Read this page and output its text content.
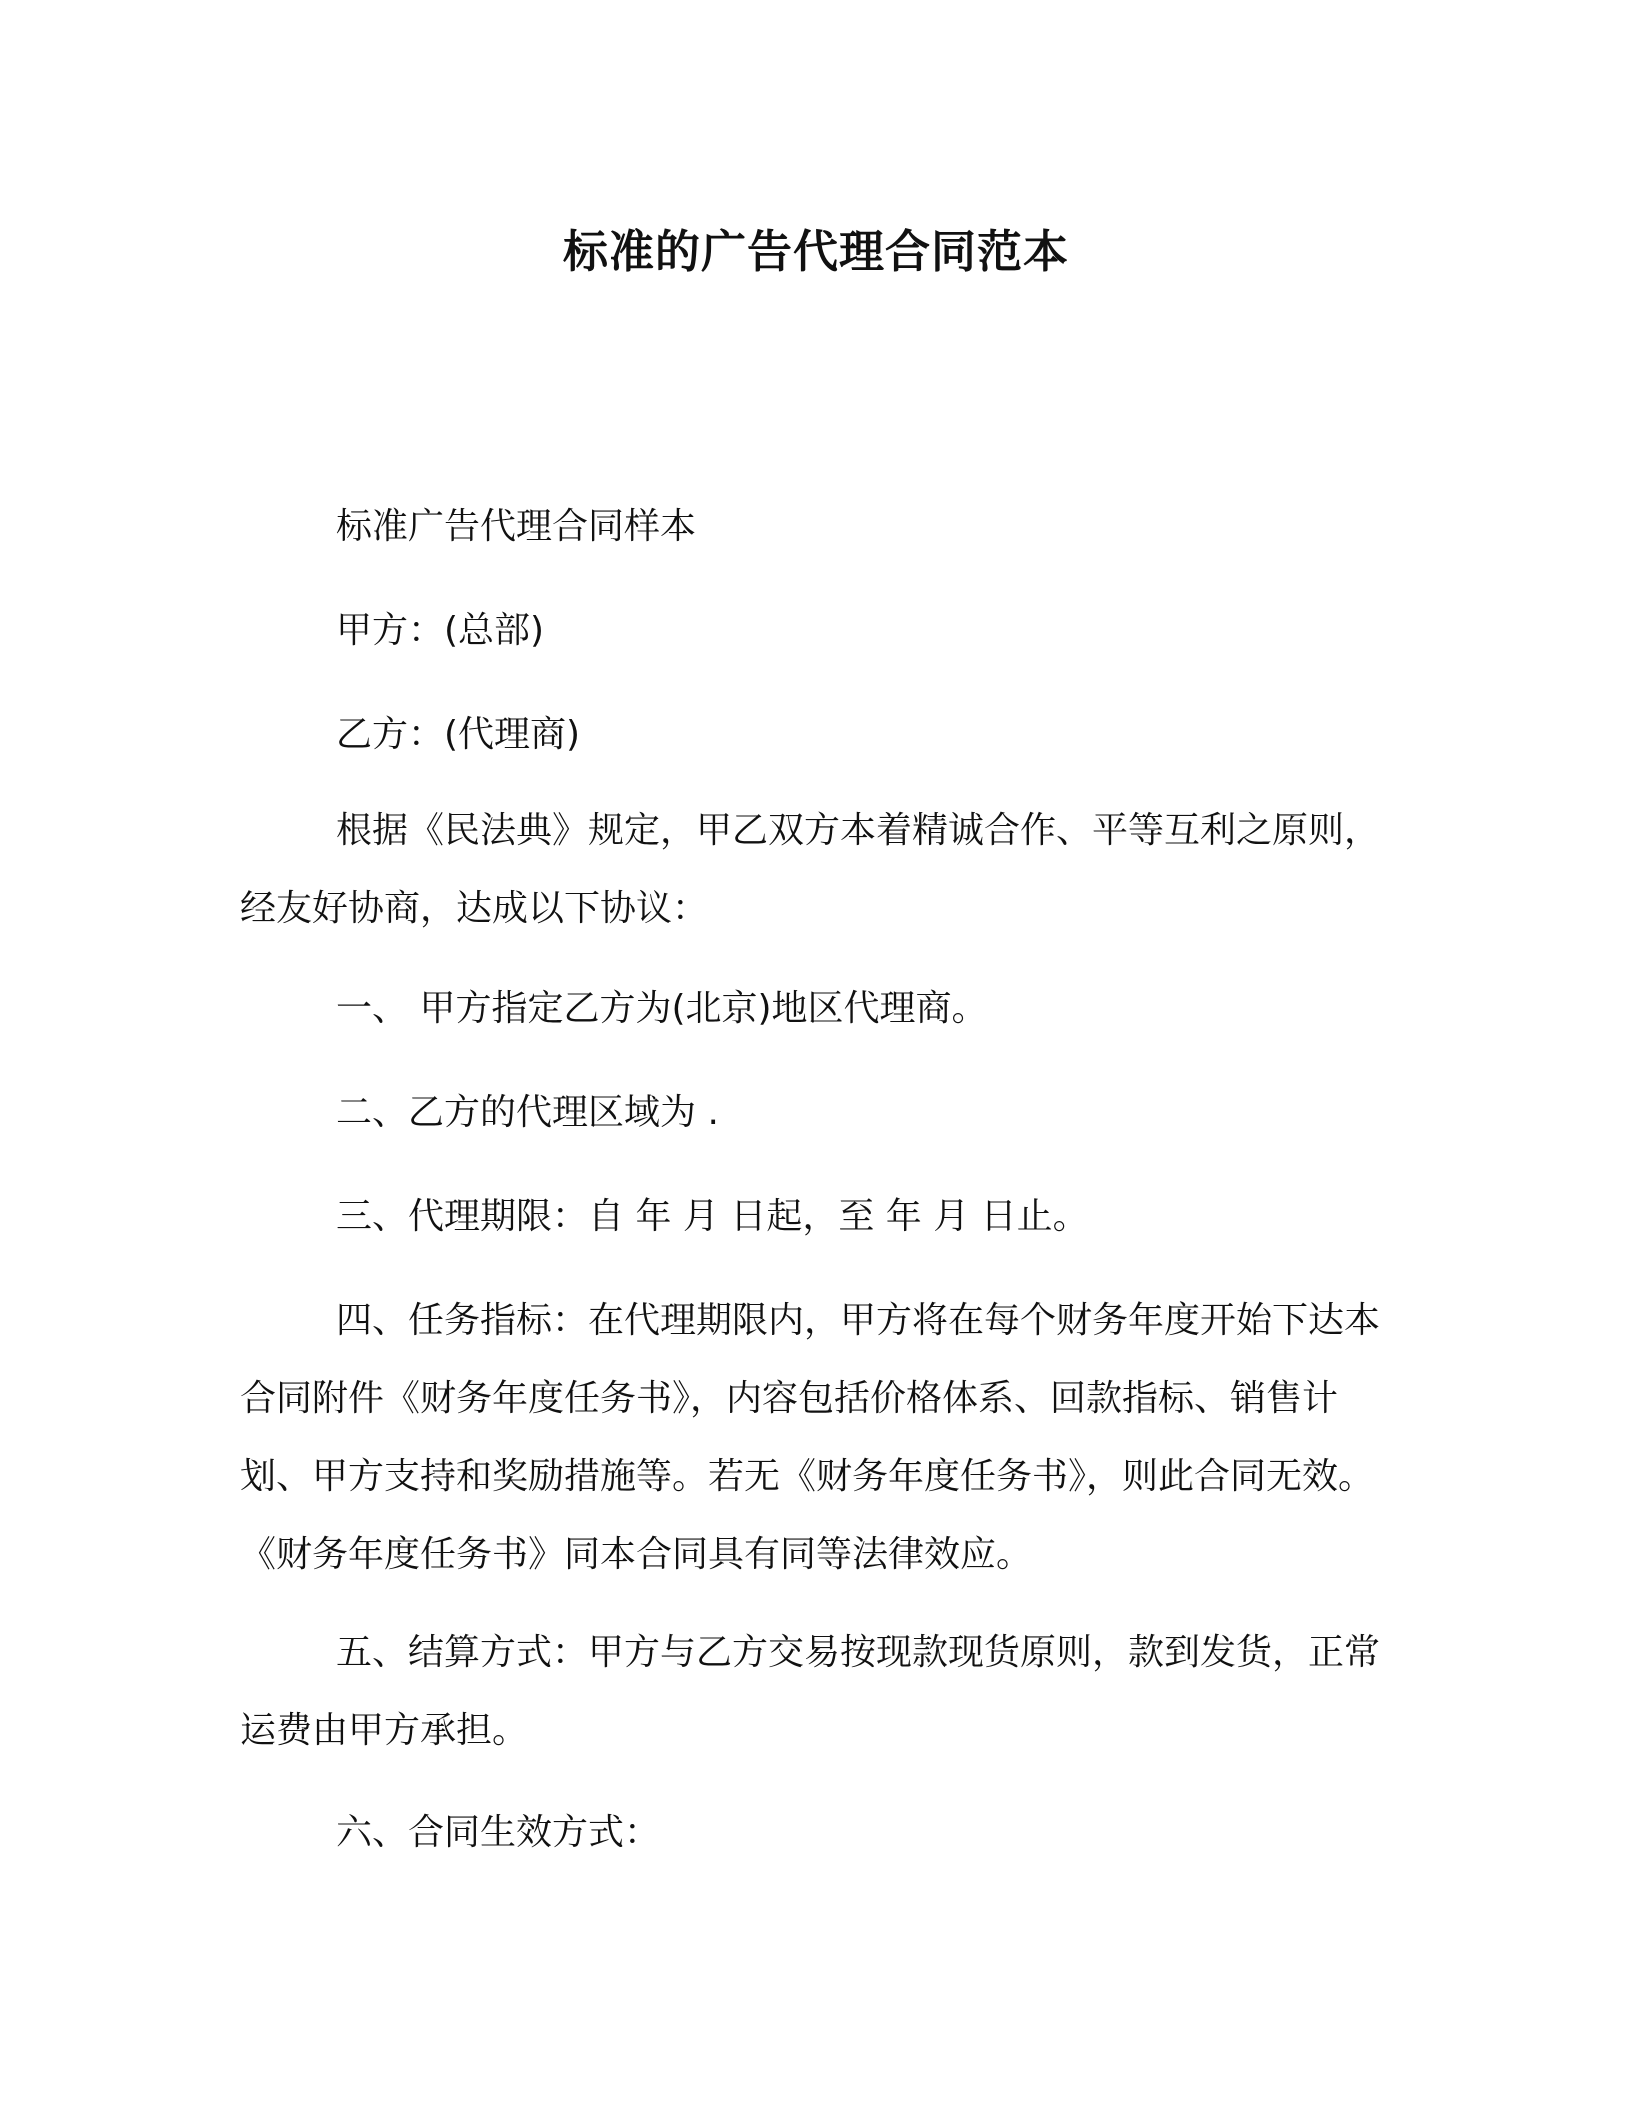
标准的广告代理合同范本

标准广告代理合同样本

甲方：(总部)

乙方：(代理商)

根据《民法典》规定，甲乙双方本着精诚合作、平等互利之原则，经友好协商，达成以下协议：

一、 甲方指定乙方为(北京)地区代理商。

二、乙方的代理区域为 .

三、代理期限：自 年 月 日起，至 年 月 日止。

四、任务指标：在代理期限内，甲方将在每个财务年度开始下达本合同附件《财务年度任务书》，内容包括价格体系、回款指标、销售计划、甲方支持和奖励措施等。若无《财务年度任务书》，则此合同无效。《财务年度任务书》同本合同具有同等法律效应。

五、结算方式：甲方与乙方交易按现款现货原则，款到发货，正常运费由甲方承担。

六、合同生效方式：
